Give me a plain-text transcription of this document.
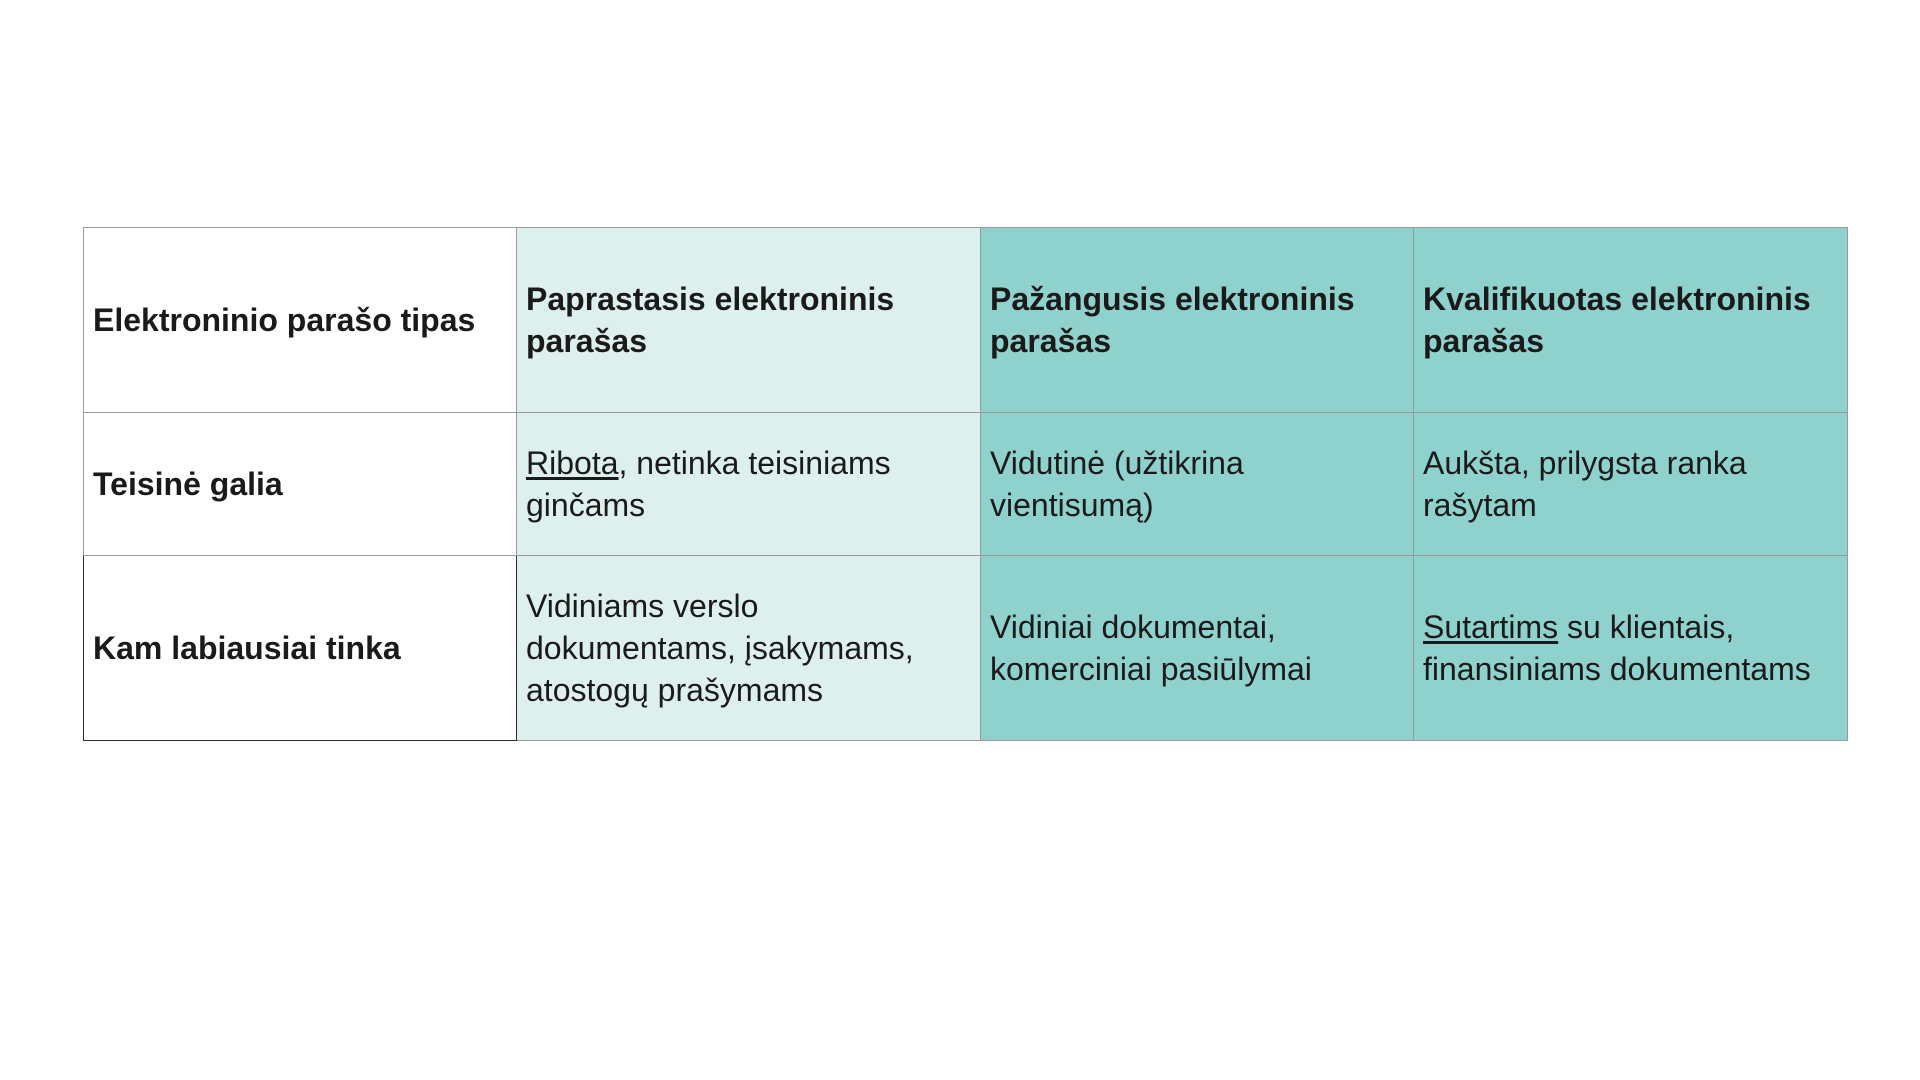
Elektroninio parašo tipas	Paprastasis elektroninis parašas	Pažangusis elektroninis parašas	Kvalifikuotas elektroninis parašas
Teisinė galia	Ribota, netinka teisiniams ginčams	Vidutinė (užtikrina vientisumą)	Aukšta, prilygsta ranka rašytam
Kam labiausiai tinka	Vidiniams verslo dokumentams, įsakymams, atostogų prašymams	Vidiniai dokumentai, komerciniai pasiūlymai	Sutartims su klientais, finansiniams dokumentams
